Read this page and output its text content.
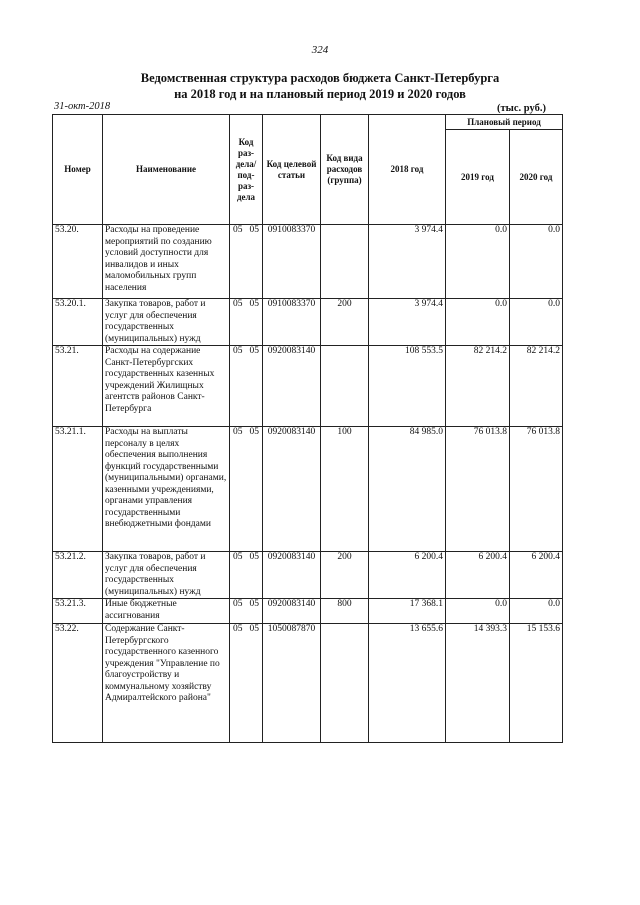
324
Ведомственная структура расходов бюджета Санкт-Петербурга
на 2018 год и на плановый период 2019 и 2020 годов
31-окт-2018	(тыс. руб.)
Номер	Наименование	Код раз- дела/ под- раз- дела	Код целевой статьи	Код вида расходов (группа)	2018 год	Плановый период	
						2019 год	2020 год
53.20.	Расходы на проведение мероприятий по созданию условий доступности для инвалидов и иных маломобильных групп населения	05 05	0910083370		3 974.4	0.0	0.0
53.20.1.	Закупка товаров, работ и услуг для обеспечения государственных (муниципальных) нужд	05 05	0910083370	200	3 974.4	0.0	0.0
53.21.	Расходы на содержание Санкт-Петербургских государственных казенных учреждений Жилищных агентств районов Санкт-Петербурга	05 05	0920083140		108 553.5	82 214.2	82 214.2
53.21.1.	Расходы на выплаты персоналу в целях обеспечения выполнения функций государственными (муниципальными) органами, казенными учреждениями, органами управления государственными внебюджетными фондами	05 05	0920083140	100	84 985.0	76 013.8	76 013.8
53.21.2.	Закупка товаров, работ и услуг для обеспечения государственных (муниципальных) нужд	05 05	0920083140	200	6 200.4	6 200.4	6 200.4
53.21.3.	Иные бюджетные ассигнования	05 05	0920083140	800	17 368.1	0.0	0.0
53.22.	Содержание Санкт-Петербургского государственного казенного учреждения "Управление по благоустройству и коммунальному хозяйству Адмиралтейского района"	05 05	1050087870		13 655.6	14 393.3	15 153.6
